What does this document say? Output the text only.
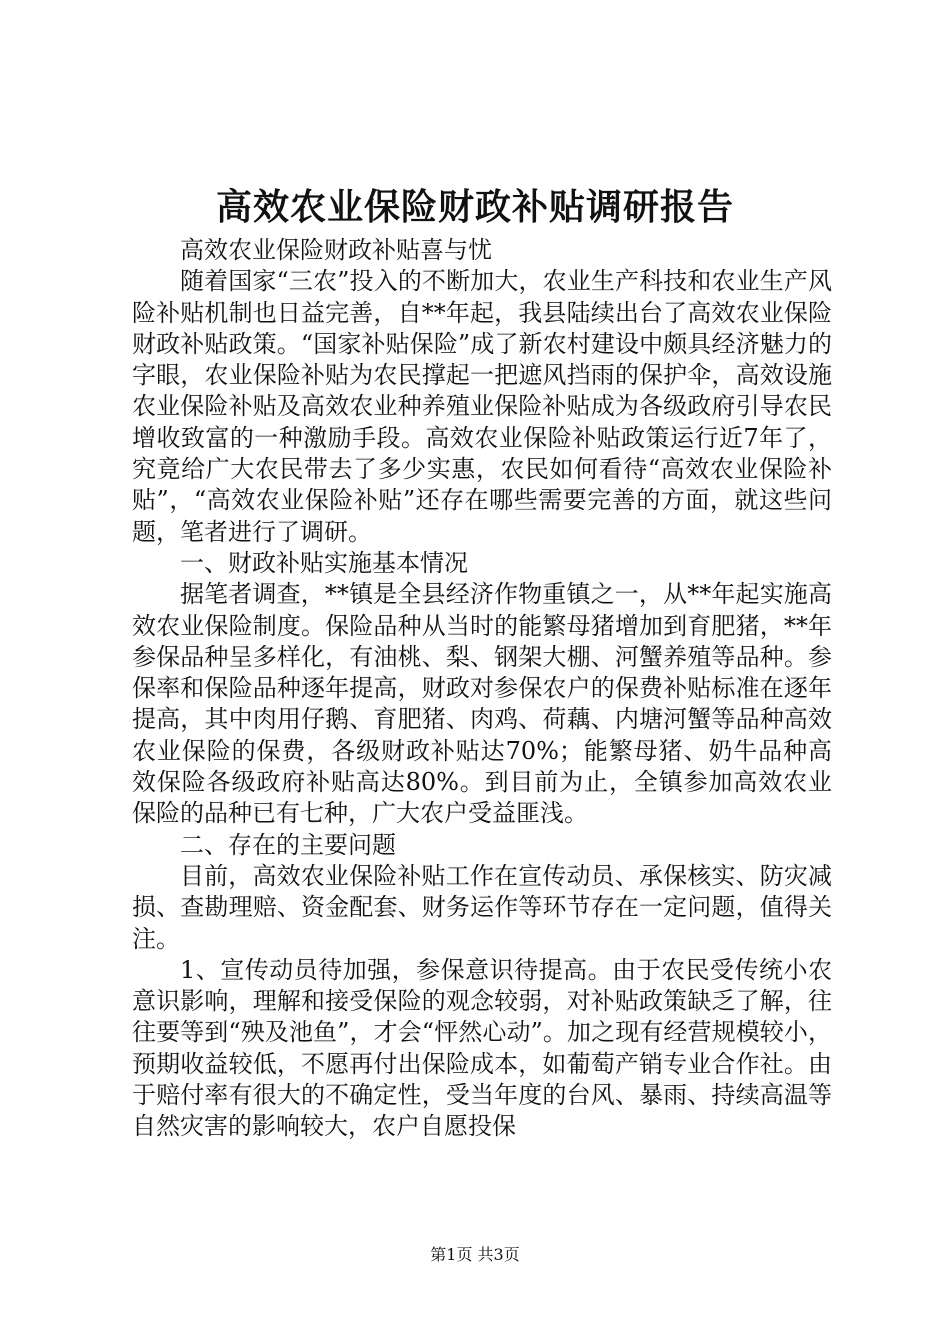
高效农业保险财政补贴调研报告

高效农业保险财政补贴喜与忧

随着国家“三农”投入的不断加大，农业生产科技和农业生产风险补贴机制也日益完善，自**年起，我县陆续出台了高效农业保险财政补贴政策。“国家补贴保险”成了新农村建设中颇具经济魅力的字眼，农业保险补贴为农民撑起一把遮风挡雨的保护伞，高效设施农业保险补贴及高效农业种养殖业保险补贴成为各级政府引导农民增收致富的一种激励手段。高效农业保险补贴政策运行近7年了，究竟给广大农民带去了多少实惠，农民如何看待“高效农业保险补贴”，“高效农业保险补贴”还存在哪些需要完善的方面，就这些问题，笔者进行了调研。

一、财政补贴实施基本情况

据笔者调查，**镇是全县经济作物重镇之一，从**年起实施高效农业保险制度。保险品种从当时的能繁母猪增加到育肥猪，**年参保品种呈多样化，有油桃、梨、钢架大棚、河蟹养殖等品种。参保率和保险品种逐年提高，财政对参保农户的保费补贴标准在逐年提高，其中肉用仔鹅、育肥猪、肉鸡、荷藕、内塘河蟹等品种高效农业保险的保费，各级财政补贴达70%；能繁母猪、奶牛品种高效保险各级政府补贴高达80%。到目前为止，全镇参加高效农业保险的品种已有七种，广大农户受益匪浅。

二、存在的主要问题

目前，高效农业保险补贴工作在宣传动员、承保核实、防灾减损、查勘理赔、资金配套、财务运作等环节存在一定问题，值得关注。

1、宣传动员待加强，参保意识待提高。由于农民受传统小农意识影响，理解和接受保险的观念较弱，对补贴政策缺乏了解，往往要等到“殃及池鱼”，才会“怦然心动”。加之现有经营规模较小，预期收益较低，不愿再付出保险成本，如葡萄产销专业合作社。由于赔付率有很大的不确定性，受当年度的台风、暴雨、持续高温等自然灾害的影响较大，农户自愿投保

第1页 共3页
